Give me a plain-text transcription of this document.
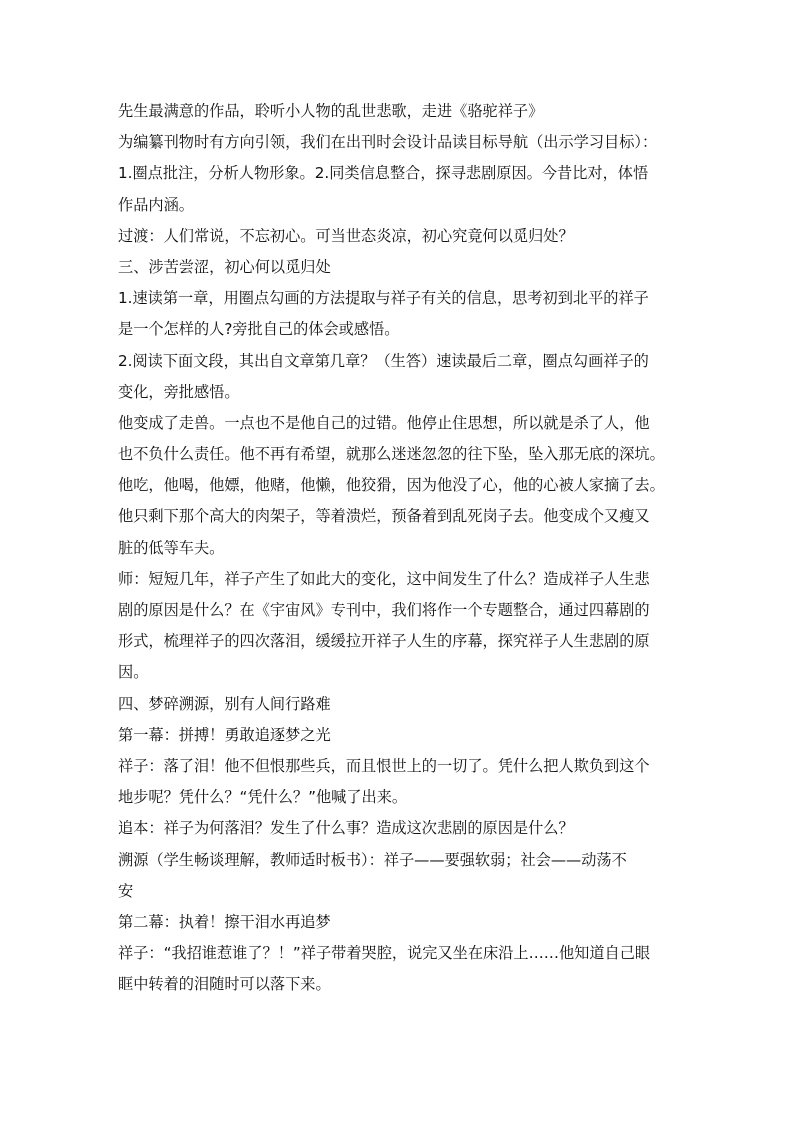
先生最满意的作品，聆听小人物的乱世悲歌，走进《骆驼祥子》
为编纂刊物时有方向引领，我们在出刊时会设计品读目标导航（出示学习目标）：
1.圈点批注，分析人物形象。2.同类信息整合，探寻悲剧原因。今昔比对，体悟
作品内涵。
过渡：人们常说，不忘初心。可当世态炎凉，初心究竟何以觅归处？
三、涉苦尝涩，初心何以觅归处
1.速读第一章，用圈点勾画的方法提取与祥子有关的信息，思考初到北平的祥子
是一个怎样的人?旁批自己的体会或感悟。
2.阅读下面文段，其出自文章第几章？（生答）速读最后二章，圈点勾画祥子的
变化，旁批感悟。
他变成了走兽。一点也不是他自己的过错。他停止住思想，所以就是杀了人，他
也不负什么责任。他不再有希望，就那么迷迷忽忽的往下坠，坠入那无底的深坑。
他吃，他喝，他嫖，他赌，他懒，他狡猾，因为他没了心，他的心被人家摘了去。
他只剩下那个高大的肉架子，等着溃烂，预备着到乱死岗子去。他变成个又瘦又
脏的低等车夫。
师：短短几年，祥子产生了如此大的变化，这中间发生了什么？造成祥子人生悲
剧的原因是什么？在《宇宙风》专刊中，我们将作一个专题整合，通过四幕剧的
形式，梳理祥子的四次落泪，缓缓拉开祥子人生的序幕，探究祥子人生悲剧的原
因。
四、梦碎溯源，别有人间行路难
第一幕：拼搏！勇敢追逐梦之光
祥子：落了泪！他不但恨那些兵，而且恨世上的一切了。凭什么把人欺负到这个
地步呢？凭什么？“凭什么？”他喊了出来。
追本：祥子为何落泪？发生了什么事？造成这次悲剧的原因是什么？
溯源（学生畅谈理解，教师适时板书）：祥子——要强软弱；社会——动荡不
安
第二幕：执着！擦干泪水再追梦
祥子：“我招谁惹谁了？！”祥子带着哭腔，说完又坐在床沿上……他知道自己眼
眶中转着的泪随时可以落下来。
